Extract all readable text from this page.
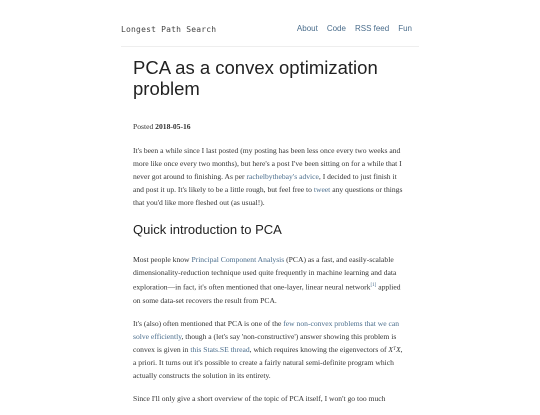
Longest Path Search	About Code RSS feed Fun
PCA as a convex optimization problem
Posted 2018-05-16

It's been a while since I last posted (my posting has been less once every two weeks and more like once every two months), but here's a post I've been sitting on for a while that I never got around to finishing. As per rachelbythebay's advice, I decided to just finish it and post it up. It's likely to be a little rough, but feel free to tweet any questions or things that you'd like more fleshed out (as usual!).

Quick introduction to PCA

Most people know Principal Component Analysis (PCA) as a fast, and easily-scalable dimensionality-reduction technique used quite frequently in machine learning and data exploration—in fact, it's often mentioned that one-layer, linear neural network[1] applied on some data-set recovers the result from PCA.

It's (also) often mentioned that PCA is one of the few non-convex problems that we can solve efficiently, though a (let's say 'non-constructive') answer showing this problem is convex is given in this Stats.SE thread, which requires knowing the eigenvectors of XᵀX, a priori. It turns out it's possible to create a fairly natural semi-definite program which actually constructs the solution in its entirety.

Since I'll only give a short overview of the topic of PCA itself, I won't go too much
